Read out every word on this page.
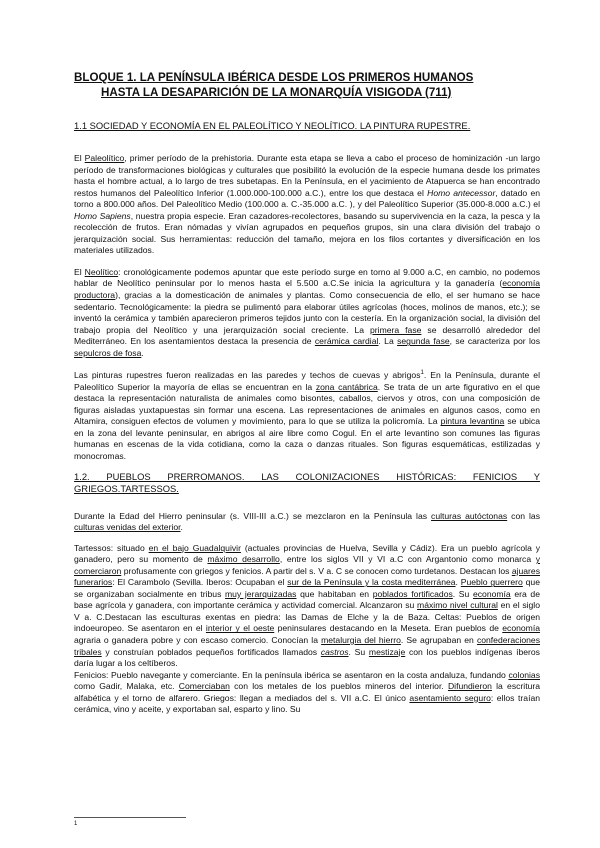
BLOQUE 1. LA PENÍNSULA IBÉRICA DESDE LOS PRIMEROS HUMANOS
HASTA LA DESAPARICIÓN DE LA MONARQUÍA VISIGODA (711)
1.1 SOCIEDAD Y ECONOMÍA EN EL PALEOLÍTICO Y NEOLÍTICO. LA PINTURA RUPESTRE.

El Paleolítico, primer período de la prehistoria. Durante esta etapa se lleva a cabo el proceso de hominización -un largo período de transformaciones biológicas y culturales que posibilitó la evolución de la especie humana desde los primates hasta el hombre actual, a lo largo de tres subetapas. En la Península, en el yacimiento de Atapuerca se han encontrado restos humanos del Paleolítico Inferior (1.000.000-100.000 a.C.), entre los que destaca el Homo antecessor, datado en torno a 800.000 años. Del Paleolítico Medio (100.000 a. C.-35.000 a.C. ), y del Paleolítico Superior (35.000-8.000 a.C.) el Homo Sapiens, nuestra propia especie. Eran cazadores-recolectores, basando su supervivencia en la caza, la pesca y la recolección de frutos. Eran nómadas y vivían agrupados en pequeños grupos, sin una clara división del trabajo o jerarquización social. Sus herramientas: reducción del tamaño, mejora en los filos cortantes y diversificación en los materiales utilizados.

El Neolítico: cronológicamente podemos apuntar que este período surge en torno al 9.000 a.C, en cambio, no podemos hablar de Neolítico peninsular por lo menos hasta el 5.500 a.C.Se inicia la agricultura y la ganadería (economía productora), gracias a la domesticación de animales y plantas. Como consecuencia de ello, el ser humano se hace sedentario. Tecnológicamente: la piedra se pulimentó para elaborar útiles agrícolas (hoces, molinos de manos, etc.); se inventó la cerámica y también aparecieron primeros tejidos junto con la cestería. En la organización social, la división del trabajo propia del Neolítico y una jerarquización social creciente. La primera fase se desarrolló alrededor del Mediterráneo. En los asentamientos destaca la presencia de cerámica cardial. La segunda fase, se caracteriza por los sepulcros de fosa.

Las pinturas rupestres fueron realizadas en las paredes y techos de cuevas y abrigos$^1$. En la Península, durante el Paleolítico Superior la mayoría de ellas se encuentran en la zona cantábrica. Se trata de un arte figurativo en el que destaca la representación naturalista de animales como bisontes, caballos, ciervos y otros, con una composición de figuras aisladas yuxtapuestas sin formar una escena. Las representaciones de animales en algunos casos, como en Altamira, consiguen efectos de volumen y movimiento, para lo que se utiliza la policromía. La pintura levantina se ubica en la zona del levante peninsular, en abrigos al aire libre como Cogul. En el arte levantino son comunes las figuras humanas en escenas de la vida cotidiana, como la caza o danzas rituales. Son figuras esquemáticas, estilizadas y monocromas.

1.2. PUEBLOS PRERROMANOS. LAS COLONIZACIONES HISTÓRICAS: FENICIOS Y
GRIEGOS.TARTESSOS.

Durante la Edad del Hierro peninsular (s. VIII-III a.C.) se mezclaron en la Península las culturas autóctonas con las culturas venidas del exterior.

Tartessos: situado en el bajo Guadalquivir (actuales provincias de Huelva, Sevilla y Cádiz). Era un pueblo agrícola y ganadero, pero su momento de máximo desarrollo, entre los siglos VII y VI a.C con Argantonio como monarca y comerciaron profusamente con griegos y fenicios. A partir del s. V a. C se conocen como turdetanos. Destacan los ajuares funerarios: El Carambolo (Sevilla. Iberos: Ocupaban el sur de la Península y la costa mediterránea. Pueblo guerrero que se organizaban socialmente en tribus muy jerarquizadas que habitaban en poblados fortificados. Su economía era de base agrícola y ganadera, con importante cerámica y actividad comercial. Alcanzaron su máximo nivel cultural en el siglo V a. C.Destacan las esculturas exentas en piedra: las Damas de Elche y la de Baza. Celtas: Pueblos de origen indoeuropeo. Se asentaron en el interior y el oeste peninsulares destacando en la Meseta. Eran pueblos de economía agraria o ganadera pobre y con escaso comercio. Conocían la metalurgia del hierro. Se agrupaban en confederaciones tribales y construían poblados pequeños fortificados llamados castros. Su mestizaje con los pueblos indígenas íberos daría lugar a los celtíberos.

Fenicios: Pueblo navegante y comerciante. En la península ibérica se asentaron en la costa andaluza, fundando colonias como Gadir, Malaka, etc. Comerciaban con los metales de los pueblos mineros del interior. Difundieron la escritura alfabética y el torno de alfarero. Griegos: llegan a mediados del s. VII a.C. El único asentamiento seguro: ellos traían cerámica, vino y aceite, y exportaban sal, esparto y lino. Su

1
